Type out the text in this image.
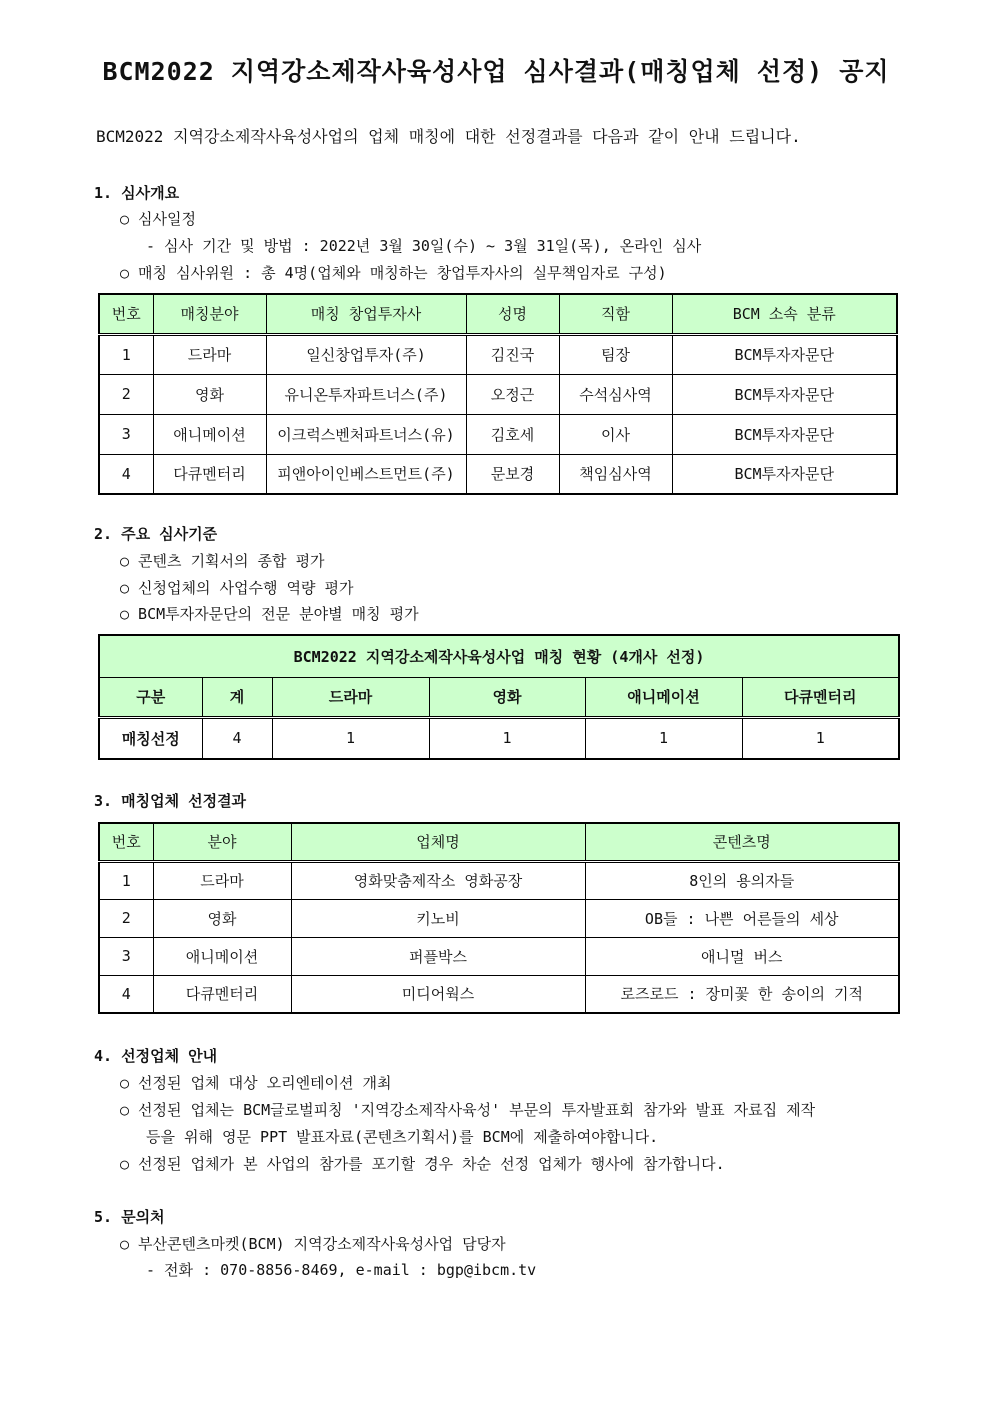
BCM2022 지역강소제작사육성사업 심사결과(매칭업체 선정) 공지
BCM2022 지역강소제작사육성사업의 업체 매칭에 대한 선정결과를 다음과 같이 안내 드립니다.
1. 심사개요
○ 심사일정
- 심사 기간 및 방법 : 2022년 3월 30일(수) ~ 3월 31일(목), 온라인 심사
○ 매칭 심사위원 : 총 4명(업체와 매칭하는 창업투자사의 실무책임자로 구성)
번호	매칭분야	매칭 창업투자사	성명	직함	BCM 소속 분류
1	드라마	일신창업투자(주)	김진국	팀장	BCM투자자문단
2	영화	유니온투자파트너스(주)	오정근	수석심사역	BCM투자자문단
3	애니메이션	이크럭스벤처파트너스(유)	김호세	이사	BCM투자자문단
4	다큐멘터리	피앤아이인베스트먼트(주)	문보경	책임심사역	BCM투자자문단
2. 주요 심사기준
○ 콘텐츠 기획서의 종합 평가
○ 신청업체의 사업수행 역량 평가
○ BCM투자자문단의 전문 분야별 매칭 평가
BCM2022 지역강소제작사육성사업 매칭 현황 (4개사 선정)					
구분	계	드라마	영화	애니메이션	다큐멘터리
매칭선정	4	1	1	1	1
3. 매칭업체 선정결과
번호	분야	업체명	콘텐츠명
1	드라마	영화맞춤제작소 영화공장	8인의 용의자들
2	영화	키노비	OB들 : 나쁜 어른들의 세상
3	애니메이션	퍼플박스	애니멀 버스
4	다큐멘터리	미디어웍스	로즈로드 : 장미꽃 한 송이의 기적
4. 선정업체 안내
○ 선정된 업체 대상 오리엔테이션 개최
○ 선정된 업체는 BCM글로벌피칭 '지역강소제작사육성' 부문의 투자발표회 참가와 발표 자료집 제작
등을 위해 영문 PPT 발표자료(콘텐츠기획서)를 BCM에 제출하여야합니다.
○ 선정된 업체가 본 사업의 참가를 포기할 경우 차순 선정 업체가 행사에 참가합니다.
5. 문의처
○ 부산콘텐츠마켓(BCM) 지역강소제작사육성사업 담당자
- 전화 : 070-8856-8469, e-mail : bgp@ibcm.tv
